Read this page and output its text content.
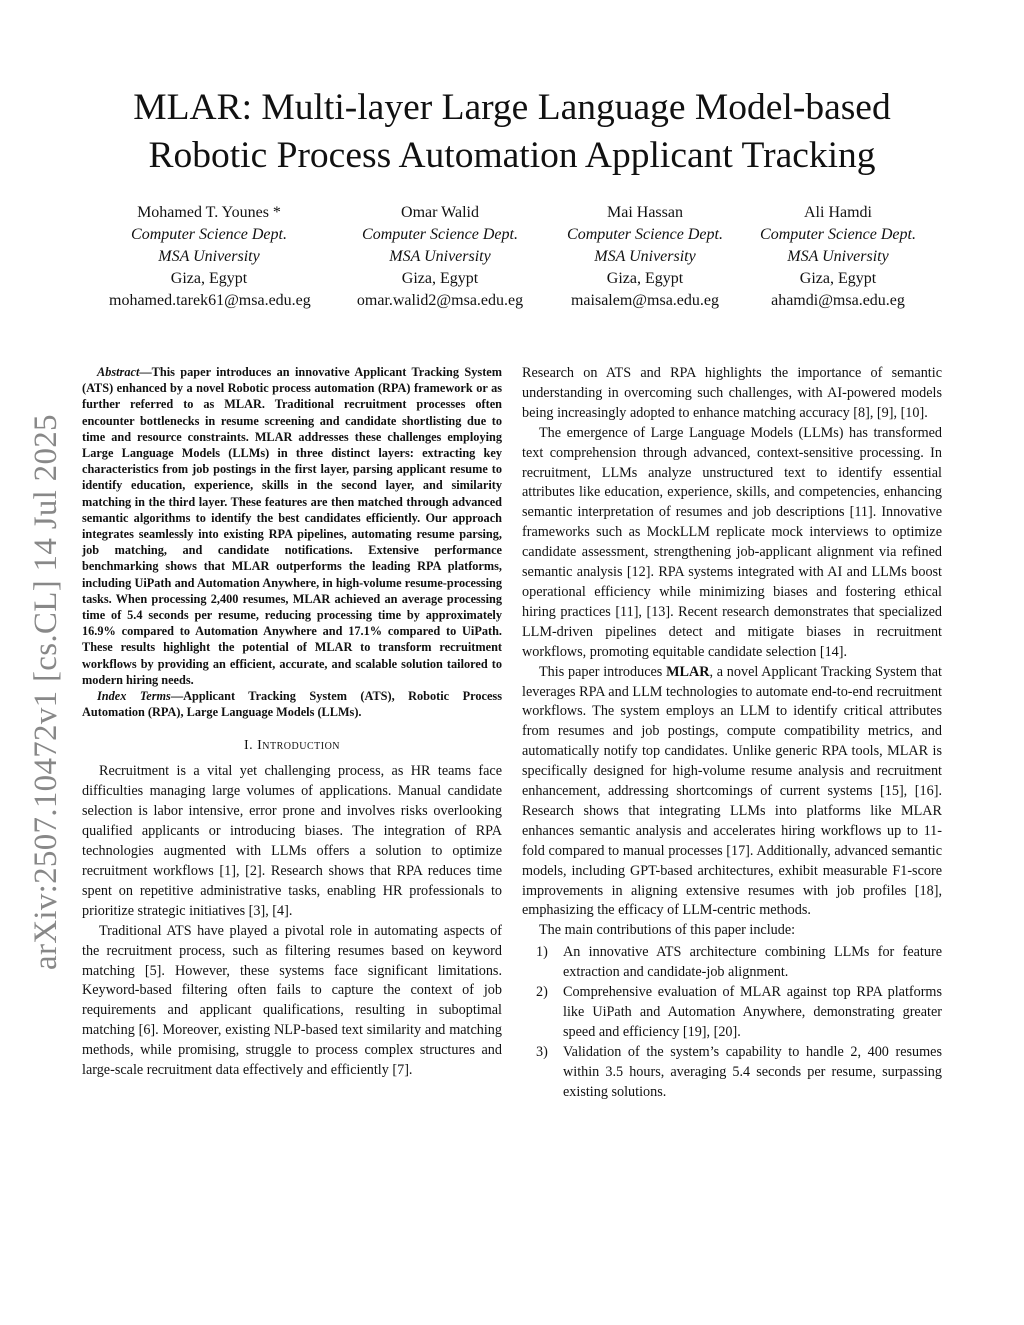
MLAR: Multi-layer Large Language Model-based
Robotic Process Automation Applicant Tracking
Mohamed T. Younes *
Computer Science Dept.
MSA University
Giza, Egypt
mohamed.tarek61@msa.edu.eg
Omar Walid
Computer Science Dept.
MSA University
Giza, Egypt
omar.walid2@msa.edu.eg
Mai Hassan
Computer Science Dept.
MSA University
Giza, Egypt
maisalem@msa.edu.eg
Ali Hamdi
Computer Science Dept.
MSA University
Giza, Egypt
ahamdi@msa.edu.eg
arXiv:2507.10472v1 [cs.CL] 14 Jul 2025

Abstract—This paper introduces an innovative Applicant Tracking System (ATS) enhanced by a novel Robotic process automation (RPA) framework or as further referred to as MLAR. Traditional recruitment processes often encounter bottlenecks in resume screening and candidate shortlisting due to time and resource constraints. MLAR addresses these challenges employing Large Language Models (LLMs) in three distinct layers: extracting key characteristics from job postings in the first layer, parsing applicant resume to identify education, experience, skills in the second layer, and similarity matching in the third layer. These features are then matched through advanced semantic algorithms to identify the best candidates efficiently. Our approach integrates seamlessly into existing RPA pipelines, automating resume parsing, job matching, and candidate notifications. Extensive performance benchmarking shows that MLAR outperforms the leading RPA platforms, including UiPath and Automation Anywhere, in high-volume resume-processing tasks. When processing 2,400 resumes, MLAR achieved an average processing time of 5.4 seconds per resume, reducing processing time by approximately 16.9% compared to Automation Anywhere and 17.1% compared to UiPath. These results highlight the potential of MLAR to transform recruitment workflows by providing an efficient, accurate, and scalable solution tailored to modern hiring needs.

Index Terms—Applicant Tracking System (ATS), Robotic Process Automation (RPA), Large Language Models (LLMs).

I. Introduction

Recruitment is a vital yet challenging process, as HR teams face difficulties managing large volumes of applications. Manual candidate selection is labor intensive, error prone and involves risks overlooking qualified applicants or introducing biases. The integration of RPA technologies augmented with LLMs offers a solution to optimize recruitment workflows [1], [2]. Research shows that RPA reduces time spent on repetitive administrative tasks, enabling HR professionals to prioritize strategic initiatives [3], [4].

Traditional ATS have played a pivotal role in automating aspects of the recruitment process, such as filtering resumes based on keyword matching [5]. However, these systems face significant limitations. Keyword-based filtering often fails to capture the context of job requirements and applicant qualifications, resulting in suboptimal matching [6]. Moreover, existing NLP-based text similarity and matching methods, while promising, struggle to process complex structures and large-scale recruitment data effectively and efficiently [7].

Research on ATS and RPA highlights the importance of semantic understanding in overcoming such challenges, with AI-powered models being increasingly adopted to enhance matching accuracy [8], [9], [10].

The emergence of Large Language Models (LLMs) has transformed text comprehension through advanced, context-sensitive processing. In recruitment, LLMs analyze unstructured text to identify essential attributes like education, experience, skills, and competencies, enhancing semantic interpretation of resumes and job descriptions [11]. Innovative frameworks such as MockLLM replicate mock interviews to optimize candidate assessment, strengthening job-applicant alignment via refined semantic analysis [12]. RPA systems integrated with AI and LLMs boost operational efficiency while minimizing biases and fostering ethical hiring practices [11], [13]. Recent research demonstrates that specialized LLM-driven pipelines detect and mitigate biases in recruitment workflows, promoting equitable candidate selection [14].

This paper introduces MLAR, a novel Applicant Tracking System that leverages RPA and LLM technologies to automate end-to-end recruitment workflows. The system employs an LLM to identify critical attributes from resumes and job postings, compute compatibility metrics, and automatically notify top candidates. Unlike generic RPA tools, MLAR is specifically designed for high-volume resume analysis and recruitment enhancement, addressing shortcomings of current systems [15], [16]. Research shows that integrating LLMs into platforms like MLAR enhances semantic analysis and accelerates hiring workflows up to 11-fold compared to manual processes [17]. Additionally, advanced semantic models, including GPT-based architectures, exhibit measurable F1-score improvements in aligning extensive resumes with job profiles [18], emphasizing the efficacy of LLM-centric methods.

The main contributions of this paper include:

1) An innovative ATS architecture combining LLMs for feature extraction and candidate-job alignment.
2) Comprehensive evaluation of MLAR against top RPA platforms like UiPath and Automation Anywhere, demonstrating greater speed and efficiency [19], [20].
3) Validation of the system’s capability to handle 2, 400 resumes within 3.5 hours, averaging 5.4 seconds per resume, surpassing existing solutions.
